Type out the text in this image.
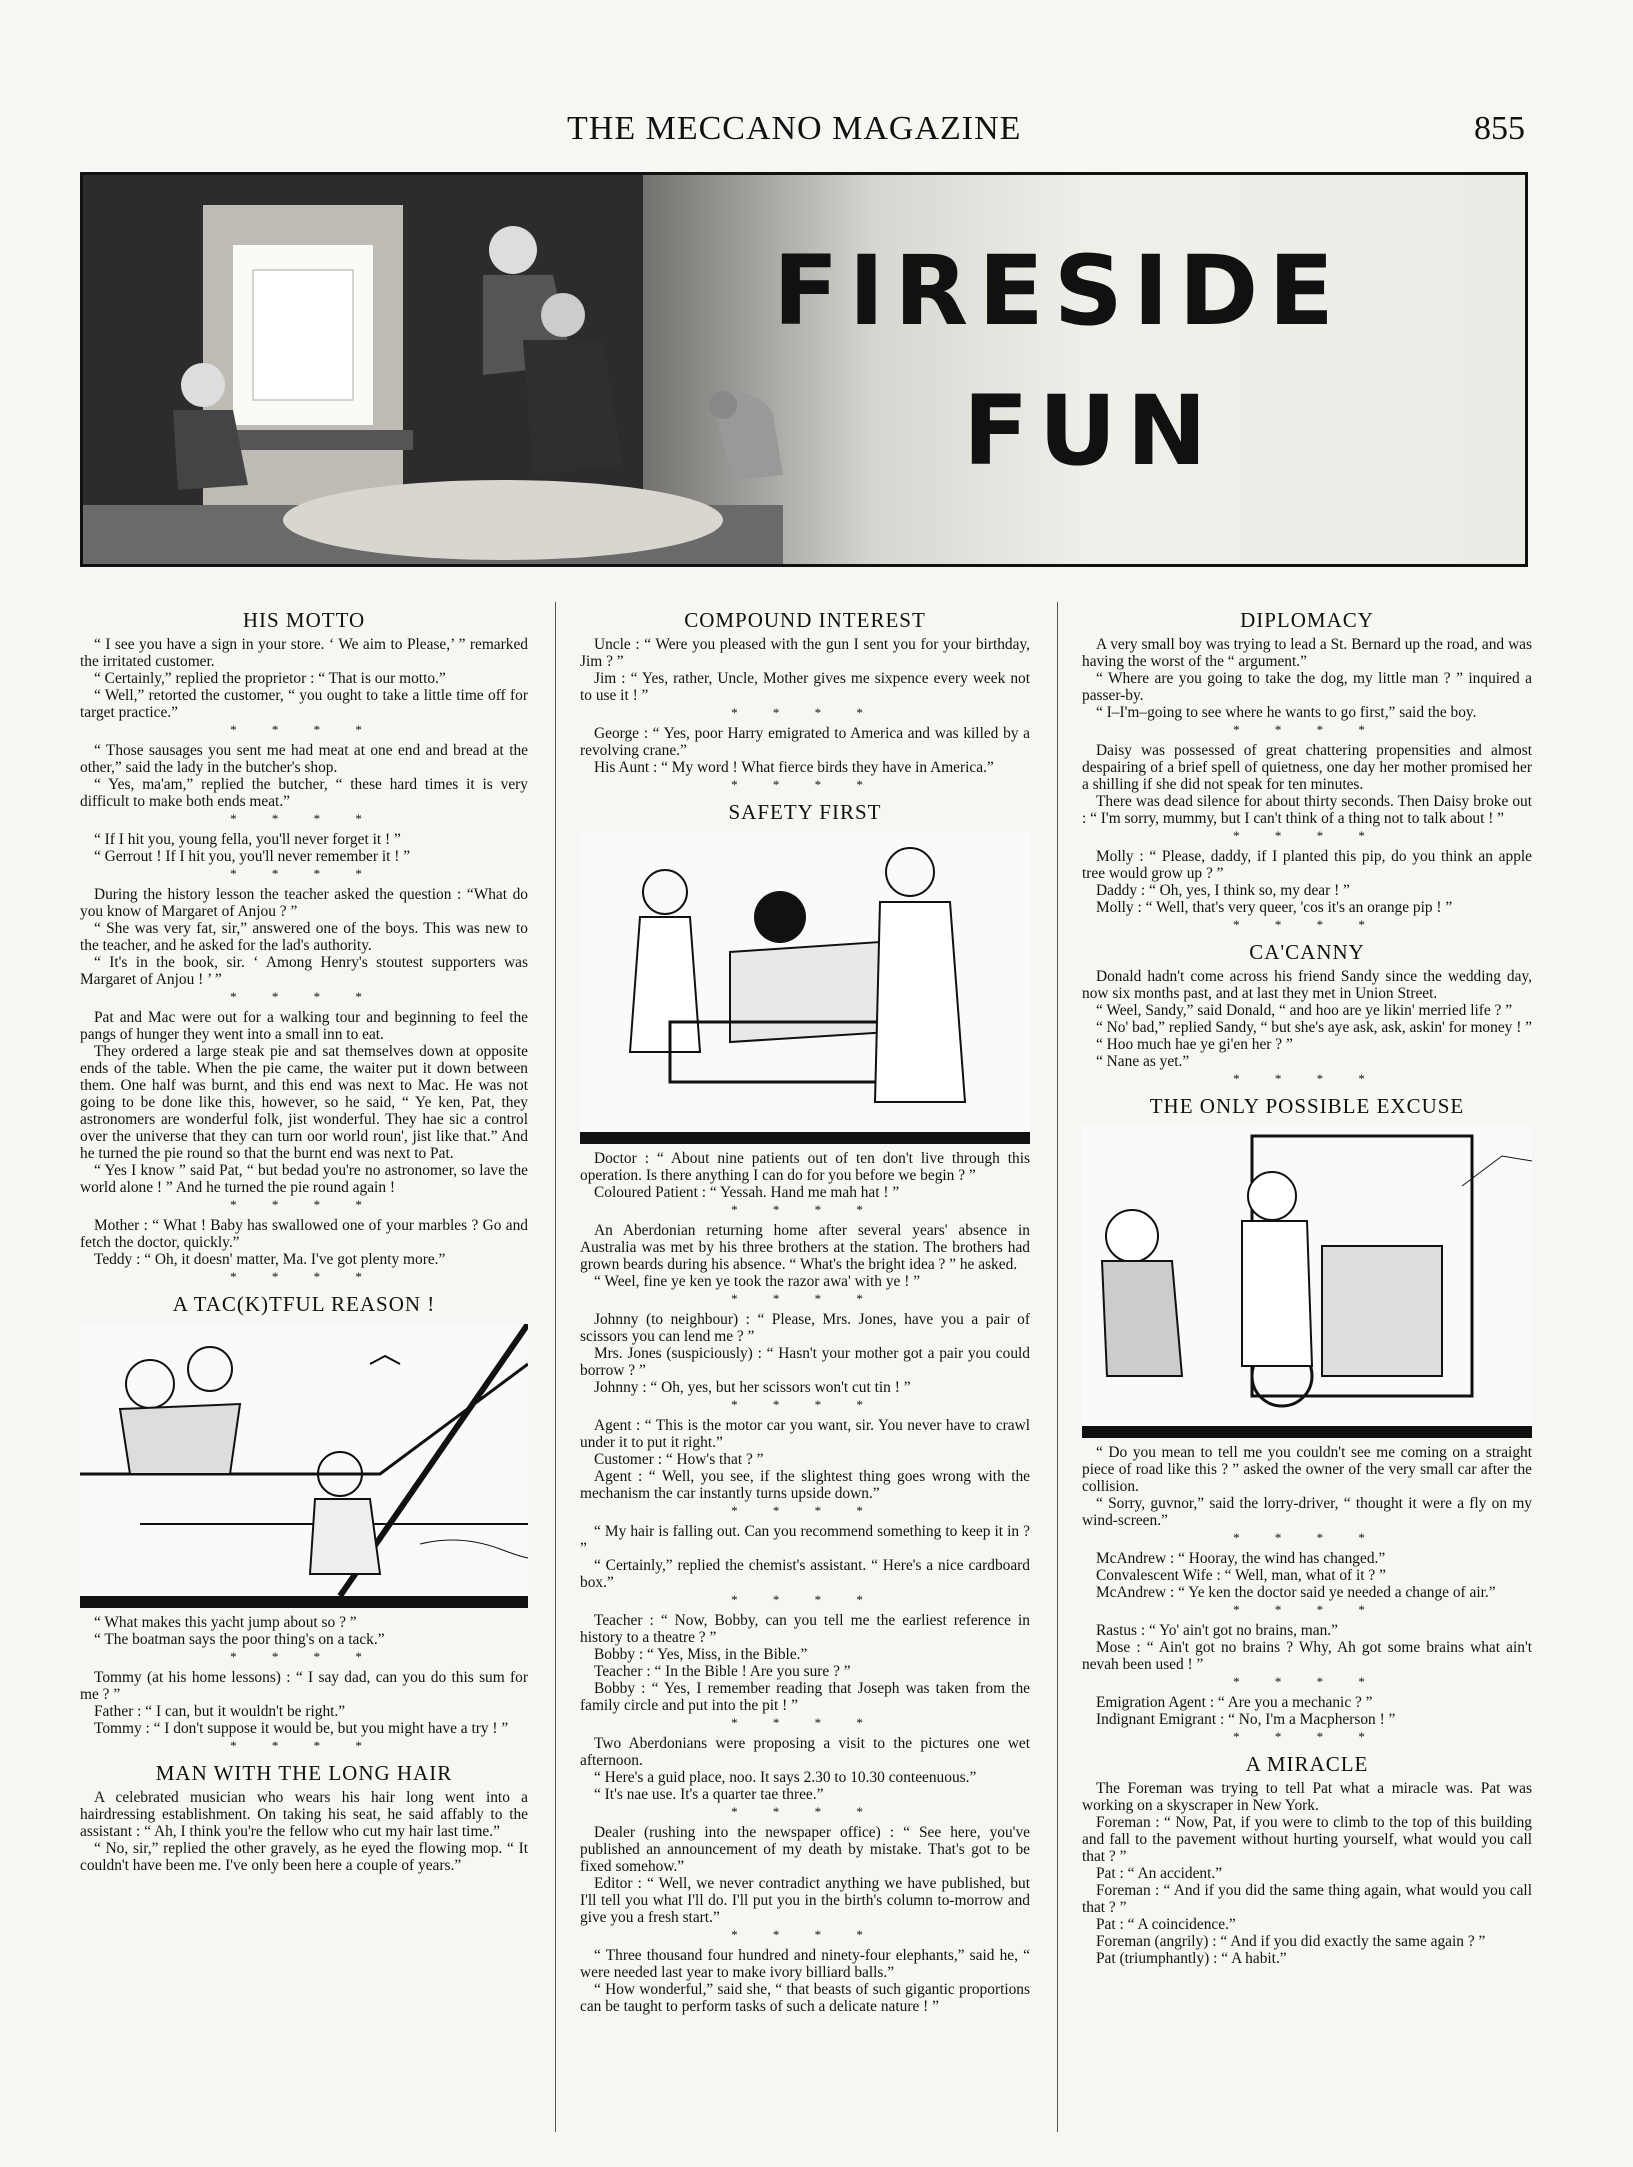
THE MECCANO MAGAZINE	855
FIRESIDE
FUN
HIS MOTTO

“ I see you have a sign in your store. ‘ We aim to Please,’ ” remarked the irritated customer.

“ Certainly,” replied the proprietor : “ That is our motto.”

“ Well,” retorted the customer, “ you ought to take a little time off for target practice.”

* * * *

“ Those sausages you sent me had meat at one end and bread at the other,” said the lady in the butcher's shop.

“ Yes, ma'am,” replied the butcher, “ these hard times it is very difficult to make both ends meat.”

* * * *

“ If I hit you, young fella, you'll never forget it ! ”

“ Gerrout ! If I hit you, you'll never remember it ! ”

* * * *

During the history lesson the teacher asked the question : “What do you know of Margaret of Anjou ? ”

“ She was very fat, sir,” answered one of the boys. This was new to the teacher, and he asked for the lad's authority.

“ It's in the book, sir. ‘ Among Henry's stoutest supporters was Margaret of Anjou ! ’ ”

* * * *

Pat and Mac were out for a walking tour and beginning to feel the pangs of hunger they went into a small inn to eat.

They ordered a large steak pie and sat themselves down at opposite ends of the table. When the pie came, the waiter put it down between them. One half was burnt, and this end was next to Mac. He was not going to be done like this, however, so he said, “ Ye ken, Pat, they astronomers are wonderful folk, jist wonderful. They hae sic a control over the universe that they can turn oor world roun', jist like that.” And he turned the pie round so that the burnt end was next to Pat.

“ Yes I know ” said Pat, “ but bedad you're no astronomer, so lave the world alone ! ” And he turned the pie round again !

* * * *

Mother : “ What ! Baby has swallowed one of your marbles ? Go and fetch the doctor, quickly.”

Teddy : “ Oh, it doesn' matter, Ma. I've got plenty more.”

* * * *
A TAC(K)TFUL REASON !

“ What makes this yacht jump about so ? ”

“ The boatman says the poor thing's on a tack.”

* * * *

Tommy (at his home lessons) : “ I say dad, can you do this sum for me ? ”

Father : “ I can, but it wouldn't be right.”

Tommy : “ I don't suppose it would be, but you might have a try ! ”

* * * *
MAN WITH THE LONG HAIR

A celebrated musician who wears his hair long went into a hairdressing establishment. On taking his seat, he said affably to the assistant : “ Ah, I think you're the fellow who cut my hair last time.”

“ No, sir,” replied the other gravely, as he eyed the flowing mop. “ It couldn't have been me. I've only been here a couple of years.”

COMPOUND INTEREST

Uncle : “ Were you pleased with the gun I sent you for your birthday, Jim ? ”

Jim : “ Yes, rather, Uncle, Mother gives me sixpence every week not to use it ! ”

* * * *

George : “ Yes, poor Harry emigrated to America and was killed by a revolving crane.”

His Aunt : “ My word ! What fierce birds they have in America.”

* * * *
SAFETY FIRST

Doctor : “ About nine patients out of ten don't live through this operation. Is there anything I can do for you before we begin ? ”

Coloured Patient : “ Yessah. Hand me mah hat ! ”

* * * *

An Aberdonian returning home after several years' absence in Australia was met by his three brothers at the station. The brothers had grown beards during his absence. “ What's the bright idea ? ” he asked.

“ Weel, fine ye ken ye took the razor awa' with ye ! ”

* * * *

Johnny (to neighbour) : “ Please, Mrs. Jones, have you a pair of scissors you can lend me ? ”

Mrs. Jones (suspiciously) : “ Hasn't your mother got a pair you could borrow ? ”

Johnny : “ Oh, yes, but her scissors won't cut tin ! ”

* * * *

Agent : “ This is the motor car you want, sir. You never have to crawl under it to put it right.”

Customer : “ How's that ? ”

Agent : “ Well, you see, if the slightest thing goes wrong with the mechanism the car instantly turns upside down.”

* * * *

“ My hair is falling out. Can you recommend something to keep it in ? ”

“ Certainly,” replied the chemist's assistant. “ Here's a nice cardboard box.”

* * * *

Teacher : “ Now, Bobby, can you tell me the earliest reference in history to a theatre ? ”

Bobby : “ Yes, Miss, in the Bible.”

Teacher : “ In the Bible ! Are you sure ? ”

Bobby : “ Yes, I remember reading that Joseph was taken from the family circle and put into the pit ! ”

* * * *

Two Aberdonians were proposing a visit to the pictures one wet afternoon.

“ Here's a guid place, noo. It says 2.30 to 10.30 conteenuous.”

“ It's nae use. It's a quarter tae three.”

* * * *

Dealer (rushing into the newspaper office) : “ See here, you've published an announcement of my death by mistake. That's got to be fixed somehow.”

Editor : “ Well, we never contradict anything we have published, but I'll tell you what I'll do. I'll put you in the birth's column to-morrow and give you a fresh start.”

* * * *

“ Three thousand four hundred and ninety-four elephants,” said he, “ were needed last year to make ivory billiard balls.”

“ How wonderful,” said she, “ that beasts of such gigantic proportions can be taught to perform tasks of such a delicate nature ! ”

DIPLOMACY

A very small boy was trying to lead a St. Bernard up the road, and was having the worst of the “ argument.”

“ Where are you going to take the dog, my little man ? ” inquired a passer-by.

“ I–I'm–going to see where he wants to go first,” said the boy.

* * * *

Daisy was possessed of great chattering propensities and almost despairing of a brief spell of quietness, one day her mother promised her a shilling if she did not speak for ten minutes.

There was dead silence for about thirty seconds. Then Daisy broke out : “ I'm sorry, mummy, but I can't think of a thing not to talk about ! ”

* * * *

Molly : “ Please, daddy, if I planted this pip, do you think an apple tree would grow up ? ”

Daddy : “ Oh, yes, I think so, my dear ! ”

Molly : “ Well, that's very queer, 'cos it's an orange pip ! ”

* * * *
CA'CANNY

Donald hadn't come across his friend Sandy since the wedding day, now six months past, and at last they met in Union Street.

“ Weel, Sandy,” said Donald, “ and hoo are ye likin' merried life ? ”

“ No' bad,” replied Sandy, “ but she's aye ask, ask, askin' for money ! ”

“ Hoo much hae ye gi'en her ? ”

“ Nane as yet.”

* * * *
THE ONLY POSSIBLE EXCUSE

“ Do you mean to tell me you couldn't see me coming on a straight piece of road like this ? ” asked the owner of the very small car after the collision.

“ Sorry, guvnor,” said the lorry-driver, “ thought it were a fly on my wind-screen.”

* * * *

McAndrew : “ Hooray, the wind has changed.”

Convalescent Wife : “ Well, man, what of it ? ”

McAndrew : “ Ye ken the doctor said ye needed a change of air.”

* * * *

Rastus : “ Yo' ain't got no brains, man.”

Mose : “ Ain't got no brains ? Why, Ah got some brains what ain't nevah been used ! ”

* * * *

Emigration Agent : “ Are you a mechanic ? ”

Indignant Emigrant : “ No, I'm a Macpherson ! ”

* * * *
A MIRACLE

The Foreman was trying to tell Pat what a miracle was. Pat was working on a skyscraper in New York.

Foreman : “ Now, Pat, if you were to climb to the top of this building and fall to the pavement without hurting yourself, what would you call that ? ”

Pat : “ An accident.”

Foreman : “ And if you did the same thing again, what would you call that ? ”

Pat : “ A coincidence.”

Foreman (angrily) : “ And if you did exactly the same again ? ”

Pat (triumphantly) : “ A habit.”
